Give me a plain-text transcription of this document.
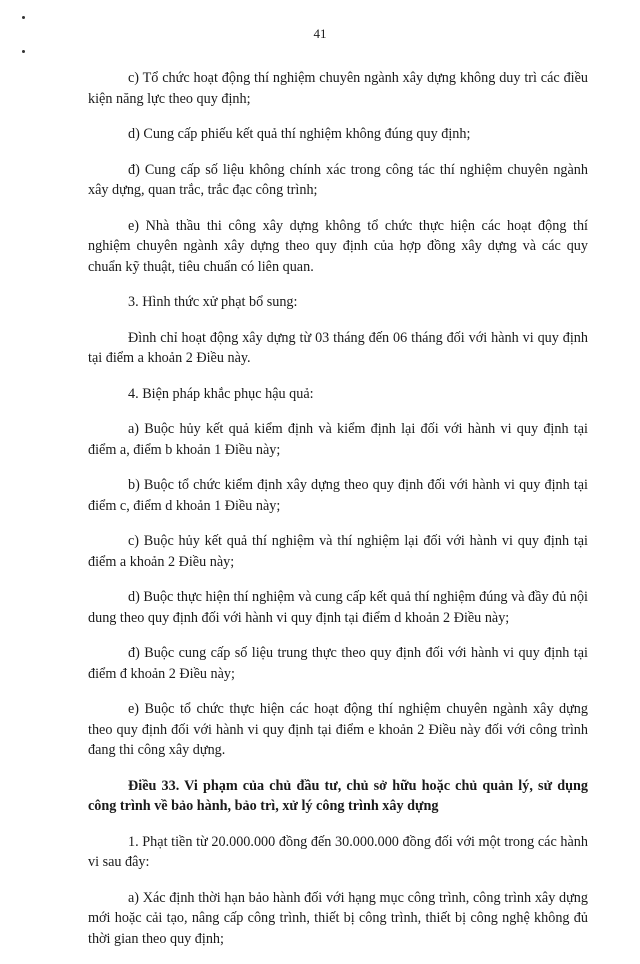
41

c) Tổ chức hoạt động thí nghiệm chuyên ngành xây dựng không duy trì các điều kiện năng lực theo quy định;

d) Cung cấp phiếu kết quả thí nghiệm không đúng quy định;

đ) Cung cấp số liệu không chính xác trong công tác thí nghiệm chuyên ngành xây dựng, quan trắc, trắc đạc công trình;

e) Nhà thầu thi công xây dựng không tổ chức thực hiện các hoạt động thí nghiệm chuyên ngành xây dựng theo quy định của hợp đồng xây dựng và các quy chuẩn kỹ thuật, tiêu chuẩn có liên quan.

3. Hình thức xử phạt bổ sung:

Đình chỉ hoạt động xây dựng từ 03 tháng đến 06 tháng đối với hành vi quy định tại điểm a khoản 2 Điều này.

4. Biện pháp khắc phục hậu quả:

a) Buộc hủy kết quả kiểm định và kiểm định lại đối với hành vi quy định tại điểm a, điểm b khoản 1 Điều này;

b) Buộc tổ chức kiểm định xây dựng theo quy định đối với hành vi quy định tại điểm c, điểm d khoản 1 Điều này;

c) Buộc hủy kết quả thí nghiệm và thí nghiệm lại đối với hành vi quy định tại điểm a khoản 2 Điều này;

d) Buộc thực hiện thí nghiệm và cung cấp kết quả thí nghiệm đúng và đầy đủ nội dung theo quy định đối với hành vi quy định tại điểm d khoản 2 Điều này;

đ) Buộc cung cấp số liệu trung thực theo quy định đối với hành vi quy định tại điểm đ khoản 2 Điều này;

e) Buộc tổ chức thực hiện các hoạt động thí nghiệm chuyên ngành xây dựng theo quy định đối với hành vi quy định tại điểm e khoản 2 Điều này đối với công trình đang thi công xây dựng.

Điều 33. Vi phạm của chủ đầu tư, chủ sở hữu hoặc chủ quản lý, sử dụng công trình về bảo hành, bảo trì, xử lý công trình xây dựng

1. Phạt tiền từ 20.000.000 đồng đến 30.000.000 đồng đối với một trong các hành vi sau đây:

a) Xác định thời hạn bảo hành đối với hạng mục công trình, công trình xây dựng mới hoặc cải tạo, nâng cấp công trình, thiết bị công trình, thiết bị công nghệ không đủ thời gian theo quy định;
